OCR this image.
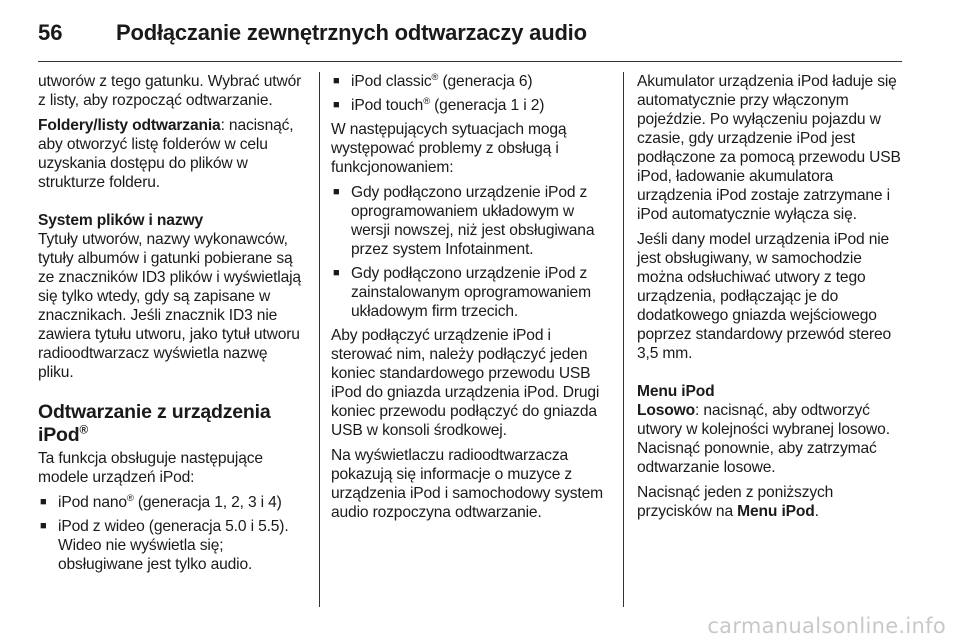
56	Podłączanie zewnętrznych odtwarzaczy audio

utworów z tego gatunku. Wybrać utwór z listy, aby rozpocząć odtwarzanie.

Foldery/listy odtwarzania: nacisnąć, aby otworzyć listę folderów w celu uzyskania dostępu do plików w strukturze folderu.

System plików i nazwy

Tytuły utworów, nazwy wykonawców, tytuły albumów i gatunki pobierane są ze znaczników ID3 plików i wyświetlają się tylko wtedy, gdy są zapisane w znacznikach. Jeśli znacznik ID3 nie zawiera tytułu utworu, jako tytuł utworu radioodtwarzacz wyświetla nazwę pliku.

Odtwarzanie z urządzenia iPod®

Ta funkcja obsługuje następujące modele urządzeń iPod:

■ iPod nano® (generacja 1, 2, 3 i 4)
■ iPod z wideo (generacja 5.0 i 5.5). Wideo nie wyświetla się; obsługiwane jest tylko audio.
■ iPod classic® (generacja 6)
■ iPod touch® (generacja 1 i 2)

W następujących sytuacjach mogą występować problemy z obsługą i funkcjonowaniem:

■ Gdy podłączono urządzenie iPod z oprogramowaniem układowym w wersji nowszej, niż jest obsługiwana przez system Infotainment.
■ Gdy podłączono urządzenie iPod z zainstalowanym oprogramowaniem układowym firm trzecich.

Aby podłączyć urządzenie iPod i sterować nim, należy podłączyć jeden koniec standardowego przewodu USB iPod do gniazda urządzenia iPod. Drugi koniec przewodu podłączyć do gniazda USB w konsoli środkowej.

Na wyświetlaczu radioodtwarzacza pokazują się informacje o muzyce z urządzenia iPod i samochodowy system audio rozpoczyna odtwarzanie.

Akumulator urządzenia iPod ładuje się automatycznie przy włączonym pojeździe. Po wyłączeniu pojazdu w czasie, gdy urządzenie iPod jest podłączone za pomocą przewodu USB iPod, ładowanie akumulatora urządzenia iPod zostaje zatrzymane i iPod automatycznie wyłącza się.

Jeśli dany model urządzenia iPod nie jest obsługiwany, w samochodzie można odsłuchiwać utwory z tego urządzenia, podłączając je do dodatkowego gniazda wejściowego poprzez standardowy przewód stereo 3,5 mm.

Menu iPod

Losowo: nacisnąć, aby odtworzyć utwory w kolejności wybranej losowo. Nacisnąć ponownie, aby zatrzymać odtwarzanie losowe.

Nacisnąć jeden z poniższych przycisków na Menu iPod.

carmanualsonline.info
